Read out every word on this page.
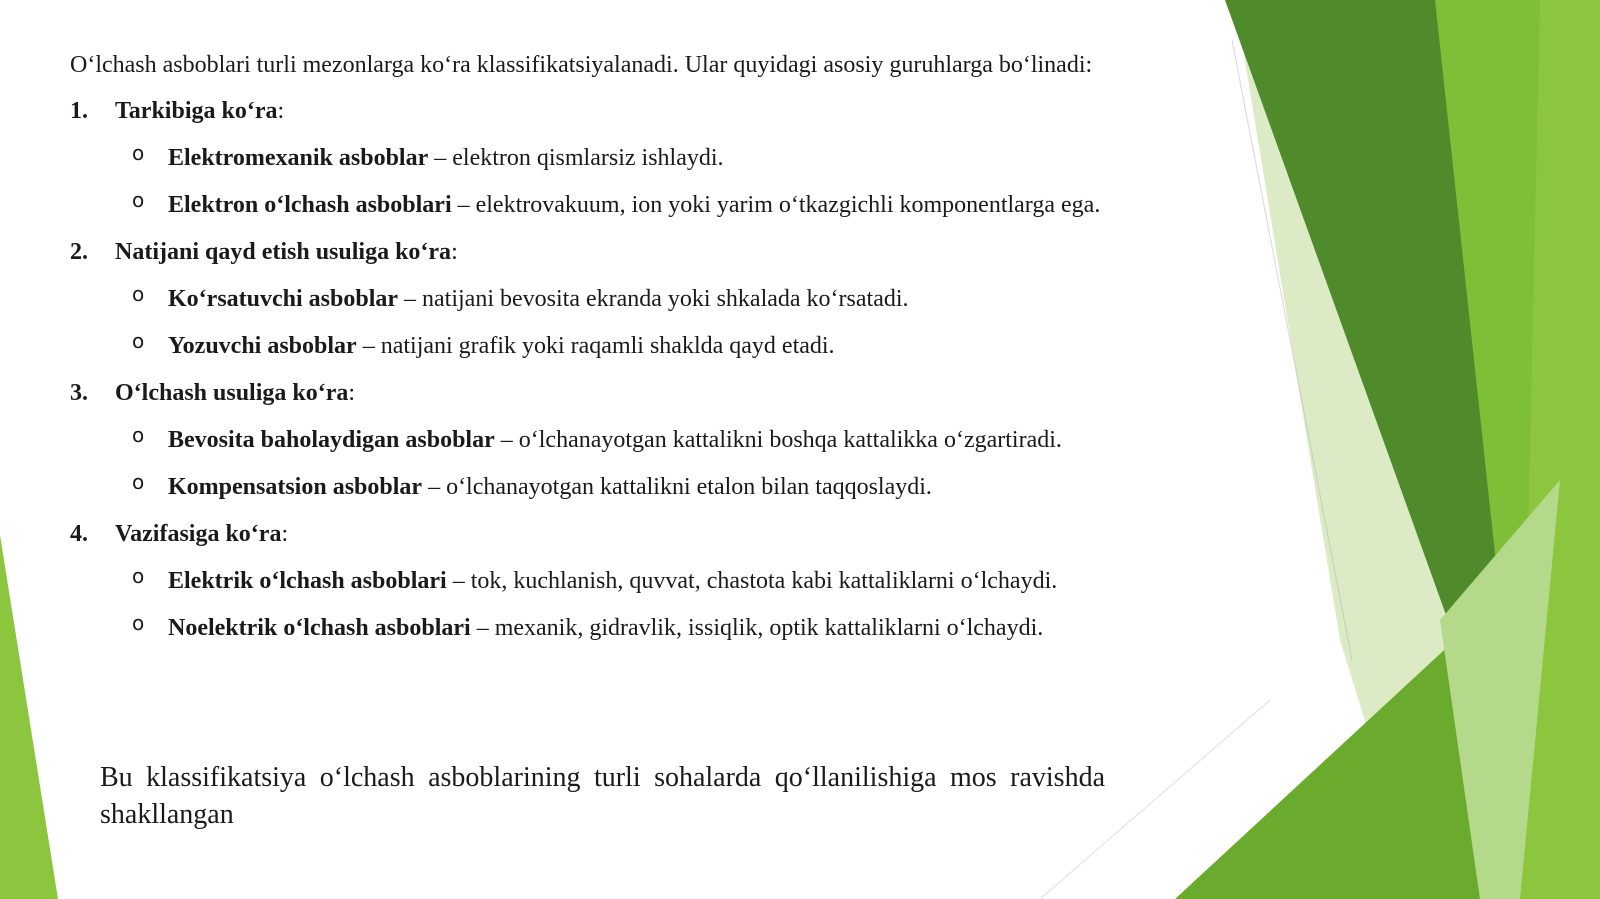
O‘lchash asboblari turli mezonlarga ko‘ra klassifikatsiyalanadi. Ular quyidagi asosiy guruhlarga bo‘linadi:

1. Tarkibiga ko‘ra:
o Elektromexanik asboblar – elektron qismlarsiz ishlaydi.
o Elektron o‘lchash asboblari – elektrovakuum, ion yoki yarim o‘tkazgichli komponentlarga ega.
2. Natijani qayd etish usuliga ko‘ra:
o Ko‘rsatuvchi asboblar – natijani bevosita ekranda yoki shkalada ko‘rsatadi.
o Yozuvchi asboblar – natijani grafik yoki raqamli shaklda qayd etadi.
3. O‘lchash usuliga ko‘ra:
o Bevosita baholaydigan asboblar – o‘lchanayotgan kattalikni boshqa kattalikka o‘zgartiradi.
o Kompensatsion asboblar – o‘lchanayotgan kattalikni etalon bilan taqqoslaydi.
4. Vazifasiga ko‘ra:
o Elektrik o‘lchash asboblari – tok, kuchlanish, quvvat, chastota kabi kattaliklarni o‘lchaydi.
o Noelektrik o‘lchash asboblari – mexanik, gidravlik, issiqlik, optik kattaliklarni o‘lchaydi.

Bu klassifikatsiya o‘lchash asboblarining turli sohalarda qo‘llanilishiga mos ravishda shakllangan
